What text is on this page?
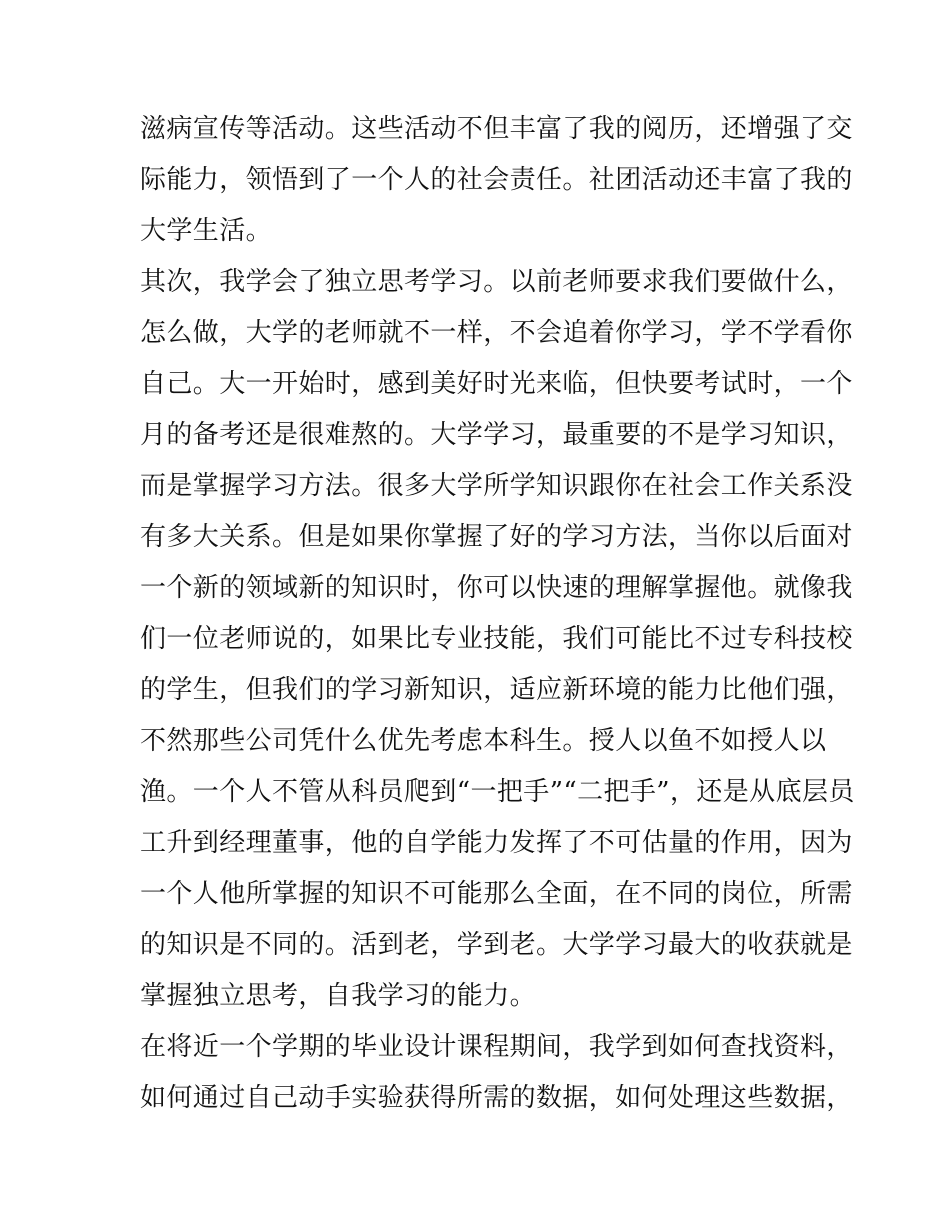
滋病宣传等活动。这些活动不但丰富了我的阅历，还增强了交
际能力，领悟到了一个人的社会责任。社团活动还丰富了我的
大学生活。
其次，我学会了独立思考学习。以前老师要求我们要做什么，
怎么做，大学的老师就不一样，不会追着你学习，学不学看你
自己。大一开始时，感到美好时光来临，但快要考试时，一个
月的备考还是很难熬的。大学学习，最重要的不是学习知识，
而是掌握学习方法。很多大学所学知识跟你在社会工作关系没
有多大关系。但是如果你掌握了好的学习方法，当你以后面对
一个新的领域新的知识时，你可以快速的理解掌握他。就像我
们一位老师说的，如果比专业技能，我们可能比不过专科技校
的学生，但我们的学习新知识，适应新环境的能力比他们强，
不然那些公司凭什么优先考虑本科生。授人以鱼不如授人以
渔。一个人不管从科员爬到“一把手”“二把手”，还是从底层员
工升到经理董事，他的自学能力发挥了不可估量的作用，因为
一个人他所掌握的知识不可能那么全面，在不同的岗位，所需
的知识是不同的。活到老，学到老。大学学习最大的收获就是
掌握独立思考，自我学习的能力。
在将近一个学期的毕业设计课程期间，我学到如何查找资料，
如何通过自己动手实验获得所需的数据，如何处理这些数据，
